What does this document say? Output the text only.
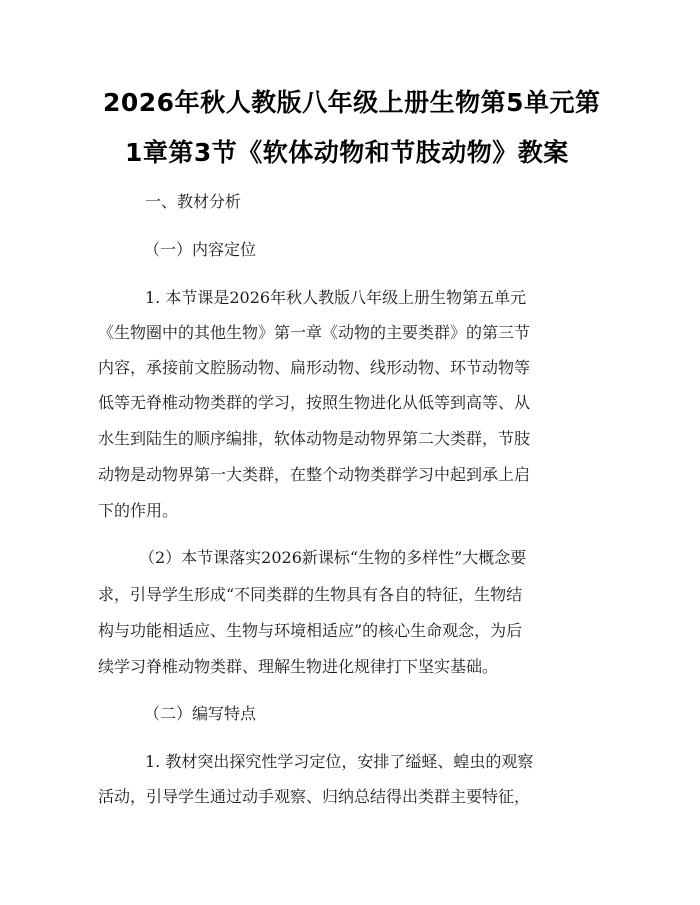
2026年秋人教版八年级上册生物第5单元第
1章第3节《软体动物和节肢动物》教案
一、教材分析
（一）内容定位
1. 本节课是2026年秋人教版八年级上册生物第五单元
《生物圈中的其他生物》第一章《动物的主要类群》的第三节
内容，承接前文腔肠动物、扁形动物、线形动物、环节动物等
低等无脊椎动物类群的学习，按照生物进化从低等到高等、从
水生到陆生的顺序编排，软体动物是动物界第二大类群，节肢
动物是动物界第一大类群，在整个动物类群学习中起到承上启
下的作用。
（2）本节课落实2026新课标“生物的多样性”大概念要
求，引导学生形成“不同类群的生物具有各自的特征，生物结
构与功能相适应、生物与环境相适应”的核心生命观念，为后
续学习脊椎动物类群、理解生物进化规律打下坚实基础。
（二）编写特点
1. 教材突出探究性学习定位，安排了缢蛏、蝗虫的观察
活动，引导学生通过动手观察、归纳总结得出类群主要特征，
